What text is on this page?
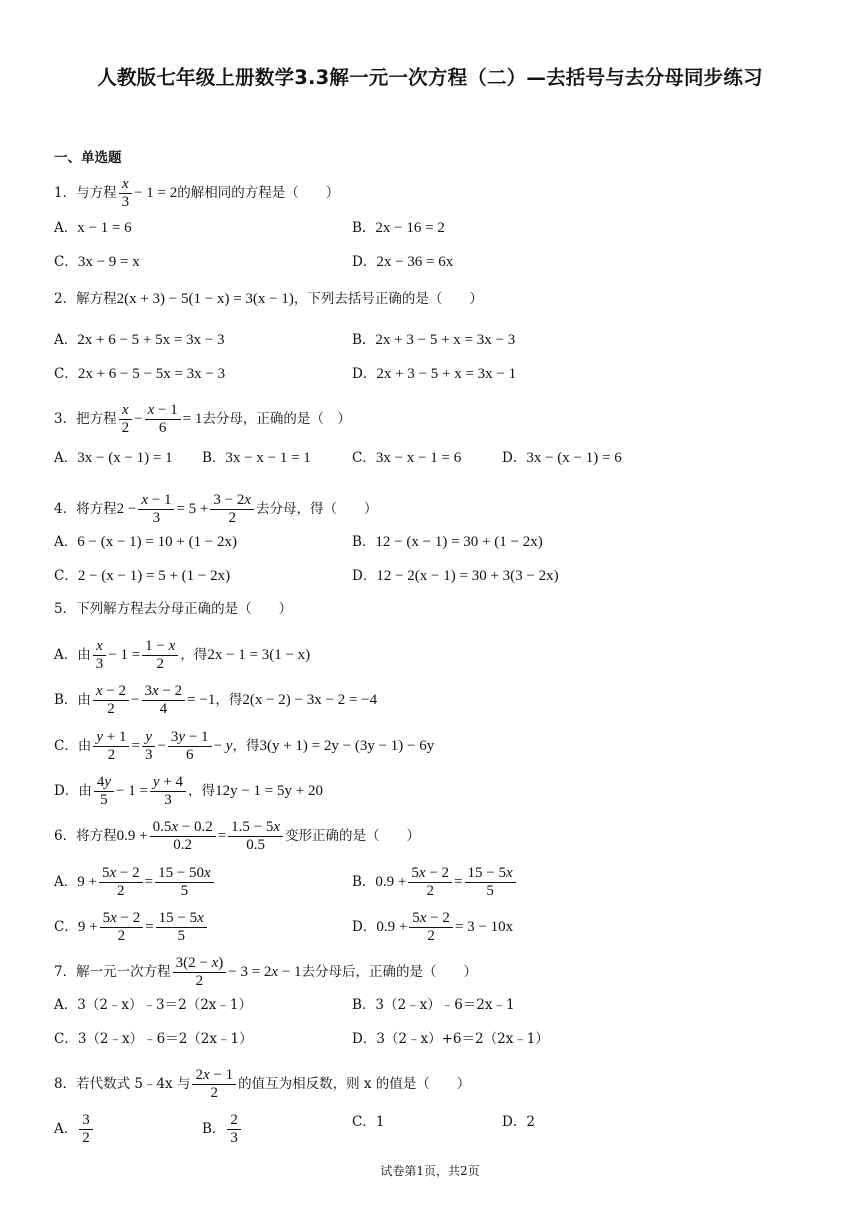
人教版七年级上册数学3.3解一元一次方程（二）—去括号与去分母同步练习
一、单选题
1．与方程 $\frac{x}{3} - 1 = 2$的解相同的方程是（　　）
A．x − 1 = 6	B．2x − 16 = 2
C．3x − 9 = x	D．2x − 36 = 6x
2．解方程2(x + 3) − 5(1 − x) = 3(x − 1)，下列去括号正确的是（　　）
A．2x + 6 − 5 + 5x = 3x − 3	B．2x + 3 − 5 + x = 3x − 3
C．2x + 6 − 5 − 5x = 3x − 3	D．2x + 3 − 5 + x = 3x − 1
3．把方程 $\frac{x}{2} - \frac{x - 1}{6} = 1$去分母，正确的是（　）
A．3x − (x − 1) = 1 B．3x − x − 1 = 1	C．3x − x − 1 = 6	D．3x − (x − 1) = 6
4．将方程$2 - \frac{x - 1}{3} = 5 + \frac{3 - 2x}{2}$ 去分母，得（　　）
A．6 − (x − 1) = 10 + (1 − 2x)	B．12 − (x − 1) = 30 + (1 − 2x)
C．2 − (x − 1) = 5 + (1 − 2x)	D．12 − 2(x − 1) = 30 + 3(3 − 2x)
5．下列解方程去分母正确的是（　　）
A．由 $\frac{x}{3} - 1 = \frac{1 - x}{2}$ ，得2x − 1 = 3(1 − x)
B．由 $\frac{x - 2}{2} - \frac{3x - 2}{4} = -1$，得2(x − 2) − 3x − 2 = −4
C．由 $\frac{y + 1}{2} = \frac{y}{3} - \frac{3y - 1}{6} - y$，得3(y + 1) = 2y − (3y − 1) − 6y
D．由 $\frac{4y}{5} - 1 = \frac{y + 4}{3}$ ，得12y − 1 = 5y + 20
6．将方程$0.9 + \frac{0.5x - 0.2}{0.2} = \frac{1.5 - 5x}{0.5}$ 变形正确的是（　　）
A．$9 + \frac{5x - 2}{2} = \frac{15 - 50x}{5}$	B．$0.9 + \frac{5x - 2}{2} = \frac{15 - 5x}{5}$
C．$9 + \frac{5x - 2}{2} = \frac{15 - 5x}{5}$	D．$0.9 + \frac{5x - 2}{2} = 3 - 10x$
7．解一元一次方程 $\frac{3(2 - x)}{2} - 3 = 2x - 1$去分母后，正确的是（　　）
A．3（2﹣x）﹣3＝2（2x﹣1）	B．3（2﹣x）﹣6＝2x﹣1
C．3（2﹣x）﹣6＝2（2x﹣1）	D．3（2﹣x）+6＝2（2x﹣1）
8．若代数式 5﹣4x 与 $\frac{2x - 1}{2}$ 的值互为相反数，则 x 的值是（　　）
A． $\frac{3}{2}$	B． $\frac{2}{3}$	C．1	D．2
试卷第1页，共2页
